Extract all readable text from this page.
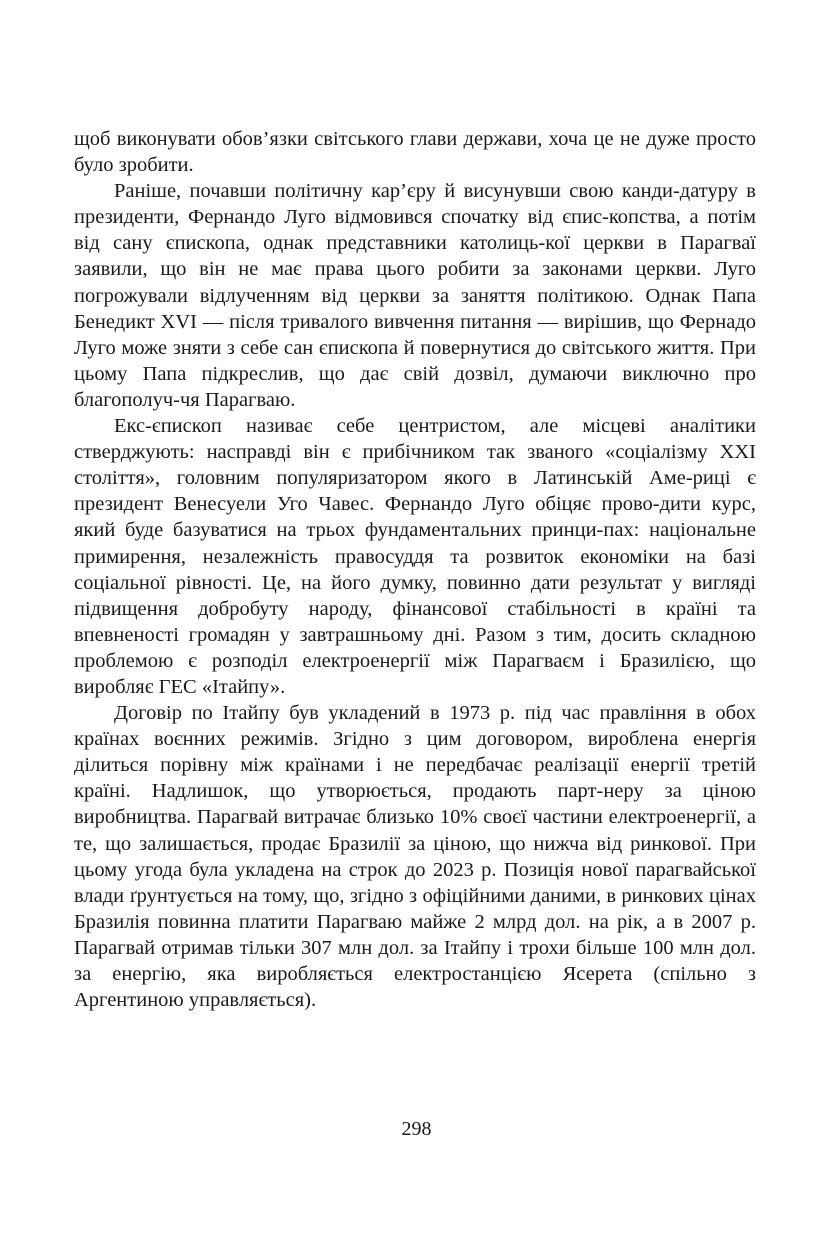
щоб виконувати обов’язки світського глави держави, хоча це не дуже просто було зробити.

Раніше, почавши політичну кар’єру й висунувши свою канди-датуру в президенти, Фернандо Луго відмовився спочатку від єпис-копства, а потім від сану єпископа, однак представники католиць-кої церкви в Парагваї заявили, що він не має права цього робити за законами церкви. Луго погрожували відлученням від церкви за заняття політикою. Однак Папа Бенедикт XVI — після тривалого вивчення питання — вирішив, що Фернадо Луго може зняти з себе сан єпископа й повернутися до світського життя. При цьому Папа підкреслив, що дає свій дозвіл, думаючи виключно про благополуч-чя Парагваю.

Екс-єпископ називає себе центристом, але місцеві аналітики стверджують: насправді він є прибічником так званого «соціалізму XXI століття», головним популяризатором якого в Латинській Аме-риці є президент Венесуели Уго Чавес. Фернандо Луго обіцяє прово-дити курс, який буде базуватися на трьох фундаментальних принци-пах: національне примирення, незалежність правосуддя та розвиток економіки на базі соціальної рівності. Це, на його думку, повинно дати результат у вигляді підвищення добробуту народу, фінансової стабільності в країні та впевненості громадян у завтрашньому дні. Разом з тим, досить складною проблемою є розподіл електроенергії між Парагваєм і Бразилією, що виробляє ГЕС «Ітайпу».

Договір по Ітайпу був укладений в 1973 р. під час правління в обох країнах воєнних режимів. Згідно з цим договором, вироблена енергія ділиться порівну між країнами і не передбачає реалізації енергії третій країні. Надлишок, що утворюється, продають парт-неру за ціною виробництва. Парагвай витрачає близько 10% своєї частини електроенергії, а те, що залишається, продає Бразилії за ціною, що нижча від ринкової. При цьому угода була укладена на строк до 2023 р. Позиція нової парагвайської влади ґрунтується на тому, що, згідно з офіційними даними, в ринкових цінах Бразилія повинна платити Парагваю майже 2 млрд дол. на рік, а в 2007 р. Парагвай отримав тільки 307 млн дол. за Ітайпу і трохи більше 100 млн дол. за енергію, яка виробляється електростанцією Ясерета (спільно з Аргентиною управляється).

298
